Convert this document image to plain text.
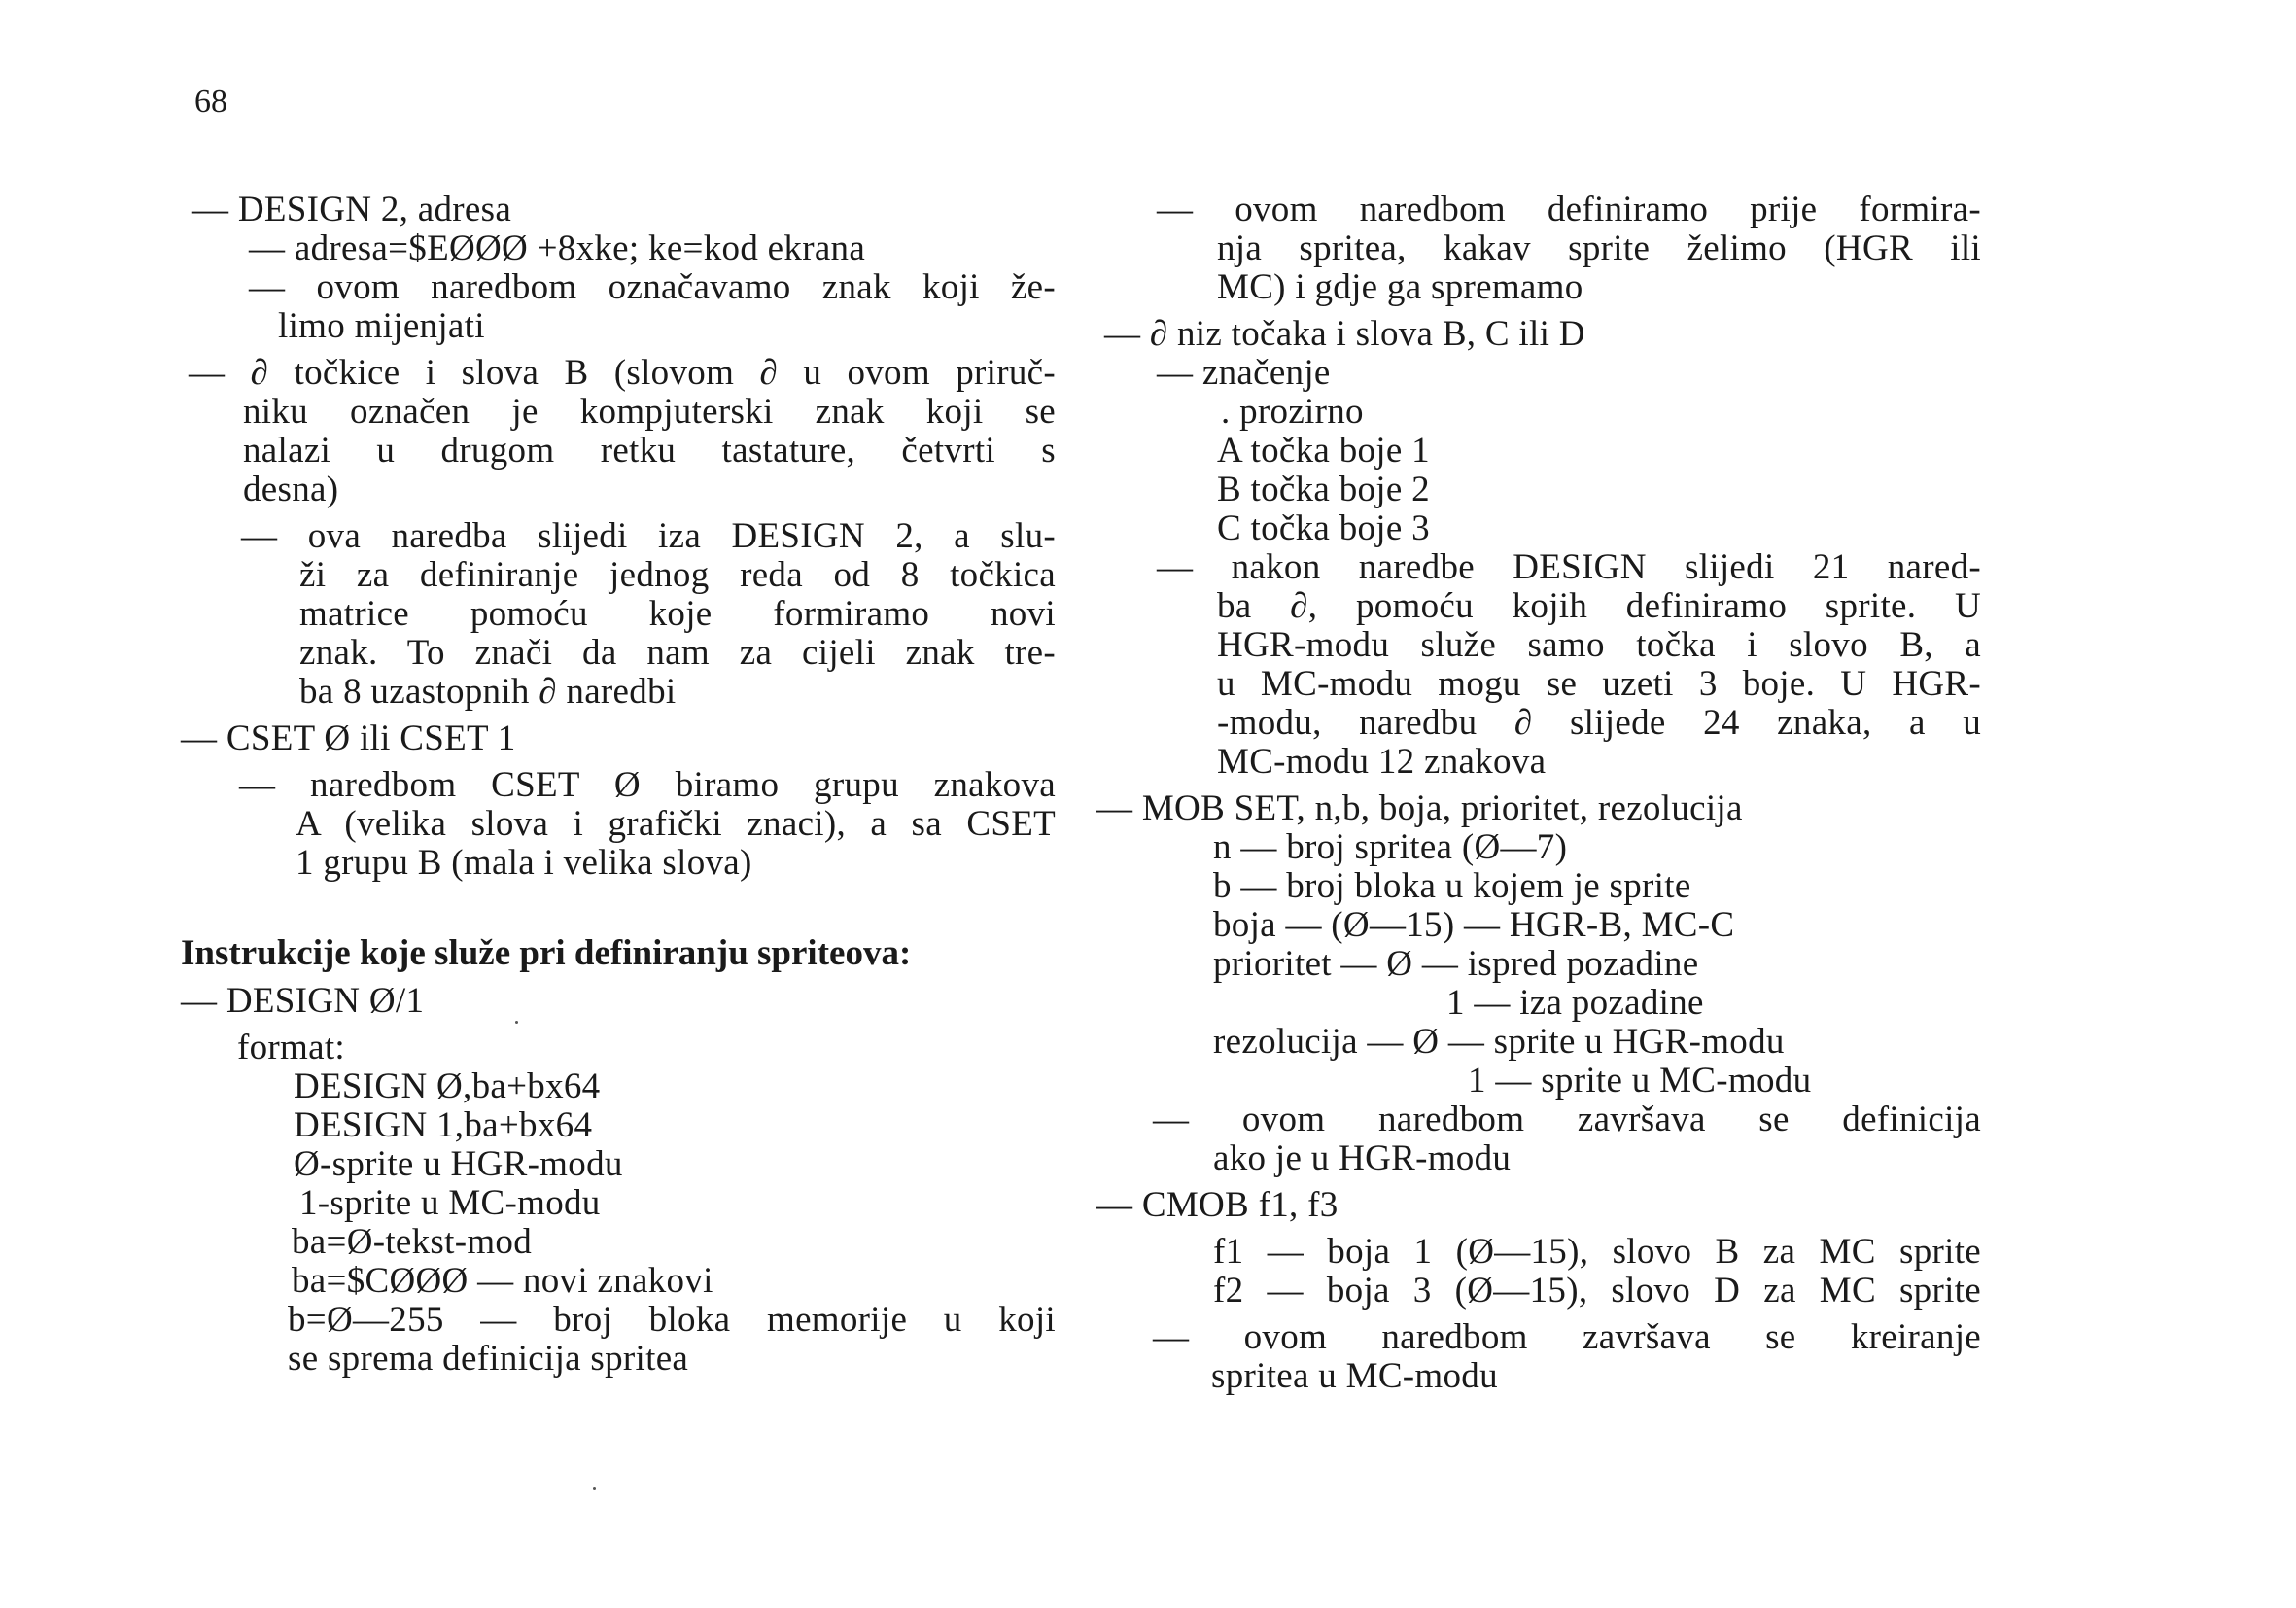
68
— DESIGN 2, adresa
— adresa=$EØØØ +8xke; ke=kod ekrana
— ovom naredbom označavamo znak koji že-
limo mijenjati
— ∂ točkice i slova B (slovom ∂ u ovom priruč-
niku označen je kompjuterski znak koji se
nalazi u drugom retku tastature, četvrti s
desna)
— ova naredba slijedi iza DESIGN 2, a slu-
ži za definiranje jednog reda od 8 točkica
matrice pomoću koje formiramo novi
znak. To znači da nam za cijeli znak tre-
ba 8 uzastopnih ∂ naredbi
— CSET Ø ili CSET 1
— naredbom CSET Ø biramo grupu znakova
A (velika slova i grafički znaci), a sa CSET
1 grupu B (mala i velika slova)
Instrukcije koje služe pri definiranju spriteova:
— DESIGN Ø/1
format:
DESIGN Ø,ba+bx64
DESIGN 1,ba+bx64
Ø-sprite u HGR-modu
1-sprite u MC-modu
ba=Ø-tekst-mod
ba=$CØØØ — novi znakovi
b=Ø—255 — broj bloka memorije u koji
se sprema definicija spritea
— ovom naredbom definiramo prije formira-
nja spritea, kakav sprite želimo (HGR ili
MC) i gdje ga spremamo
— ∂ niz točaka i slova B, C ili D
— značenje
. prozirno
A točka boje 1
B točka boje 2
C točka boje 3
— nakon naredbe DESIGN slijedi 21 nared-
ba ∂, pomoću kojih definiramo sprite. U
HGR-modu služe samo točka i slovo B, a
u MC-modu mogu se uzeti 3 boje. U HGR-
-modu, naredbu ∂ slijede 24 znaka, a u
MC-modu 12 znakova
— MOB SET, n,b, boja, prioritet, rezolucija
n — broj spritea (Ø—7)
b — broj bloka u kojem je sprite
boja — (Ø—15) — HGR-B, MC-C
prioritet — Ø — ispred pozadine
1 — iza pozadine
rezolucija — Ø — sprite u HGR-modu
1 — sprite u MC-modu
— ovom naredbom završava se definicija
ako je u HGR-modu
— CMOB f1, f3
f1 — boja 1 (Ø—15), slovo B za MC sprite
f2 — boja 3 (Ø—15), slovo D za MC sprite
— ovom naredbom završava se kreiranje
spritea u MC-modu
